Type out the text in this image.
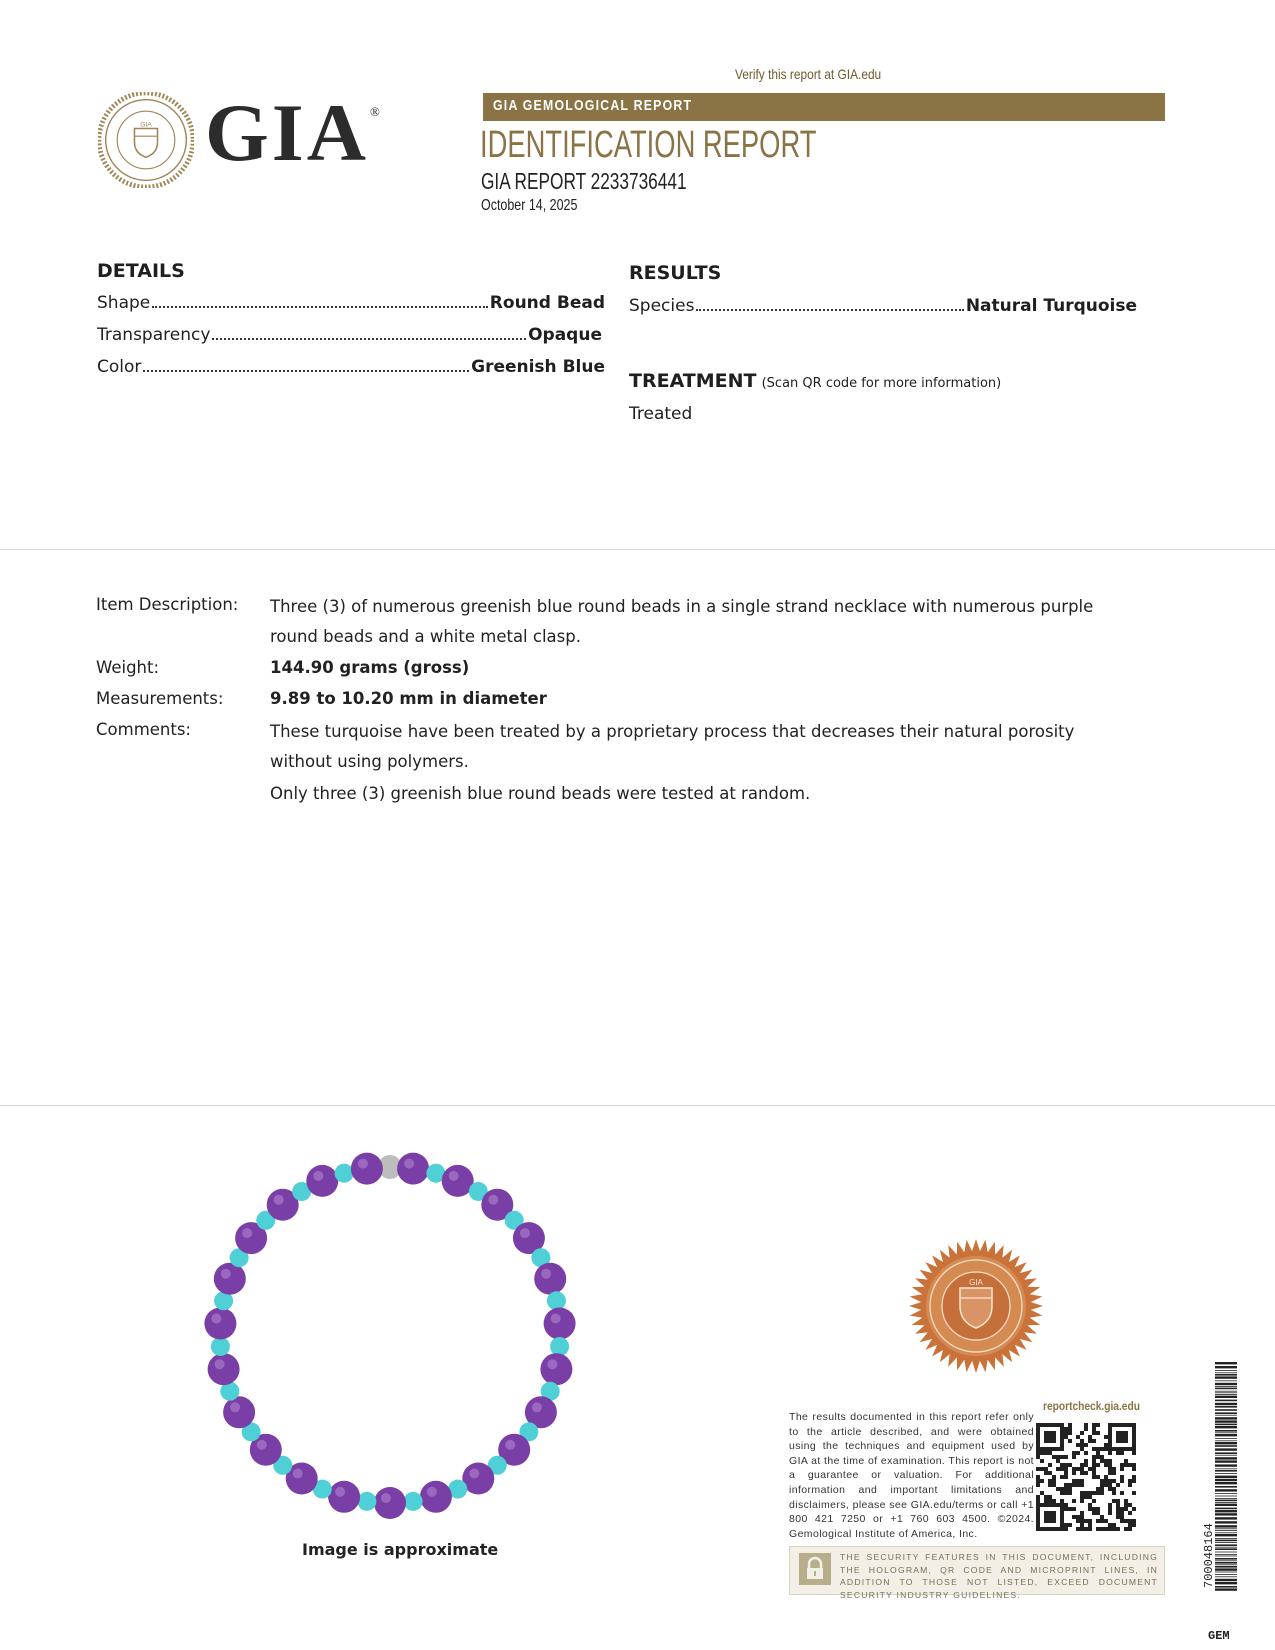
GIA GIA ®
Verify this report at GIA.edu
GIA GEMOLOGICAL REPORT
IDENTIFICATION REPORT
GIA REPORT 2233736441
October 14, 2025
DETAILS
Shape	Round Bead
Transparency	Opaque
Color	Greenish Blue
RESULTS
Species	Natural Turquoise
TREATMENT (Scan QR code for more information)
Treated
Item Description: Three (3) of numerous greenish blue round beads in a single strand necklace with numerous purple round beads and a white metal clasp.
Weight:	144.90 grams (gross)
Measurements:	9.89 to 10.20 mm in diameter
Comments:	These turquoise have been treated by a proprietary process that decreases their natural porosity without using polymers.
Only three (3) greenish blue round beads were tested at random.
Image is approximate
GIA
reportcheck.gia.edu
The results documented in this report refer only to the article described, and were obtained using the techniques and equipment used by GIA at the time of examination. This report is not a guarantee or valuation. For additional information and important limitations and disclaimers, please see GIA.edu/terms or call +1 800 421 7250 or +1 760 603 4500. ©2024. Gemological Institute of America, Inc.
THE SECURITY FEATURES IN THIS DOCUMENT, INCLUDING THE HOLOGRAM, QR CODE AND MICROPRINT LINES, IN ADDITION TO THOSE NOT LISTED, EXCEED DOCUMENT SECURITY INDUSTRY GUIDELINES.
700048164
GEM
